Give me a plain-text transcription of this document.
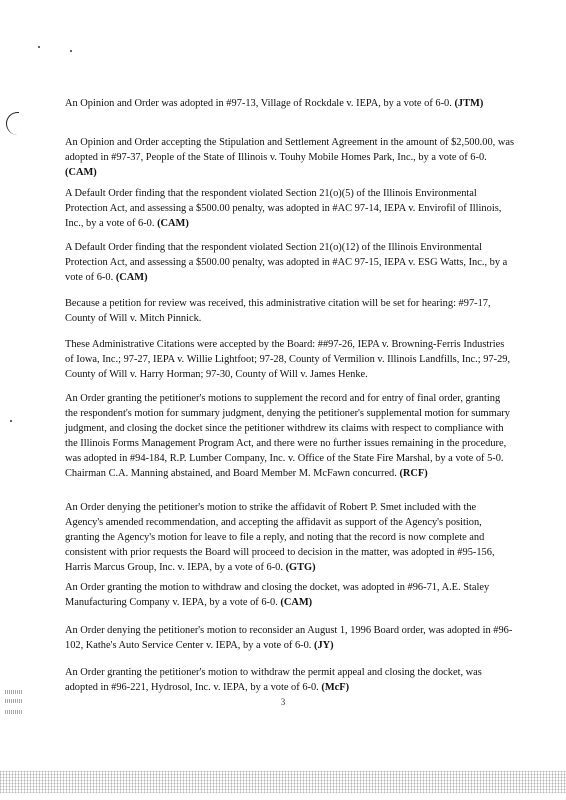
An Opinion and Order was adopted in #97-13, Village of Rockdale v. IEPA, by a vote of 6-0. (JTM)

An Opinion and Order accepting the Stipulation and Settlement Agreement in the amount of $2,500.00, was adopted in #97-37, People of the State of Illinois v. Touhy Mobile Homes Park, Inc., by a vote of 6-0. (CAM)

A Default Order finding that the respondent violated Section 21(o)(5) of the Illinois Environmental Protection Act, and assessing a $500.00 penalty, was adopted in #AC 97-14, IEPA v. Envirofil of Illinois, Inc., by a vote of 6-0. (CAM)

A Default Order finding that the respondent violated Section 21(o)(12) of the Illinois Environmental Protection Act, and assessing a $500.00 penalty, was adopted in #AC 97-15, IEPA v. ESG Watts, Inc., by a vote of 6-0. (CAM)

Because a petition for review was received, this administrative citation will be set for hearing: #97-17, County of Will v. Mitch Pinnick.

These Administrative Citations were accepted by the Board: ##97-26, IEPA v. Browning-Ferris Industries of Iowa, Inc.; 97-27, IEPA v. Willie Lightfoot; 97-28, County of Vermilion v. Illinois Landfills, Inc.; 97-29, County of Will v. Harry Horman; 97-30, County of Will v. James Henke.

An Order granting the petitioner's motions to supplement the record and for entry of final order, granting the respondent's motion for summary judgment, denying the petitioner's supplemental motion for summary judgment, and closing the docket since the petitioner withdrew its claims with respect to compliance with the Illinois Forms Management Program Act, and there were no further issues remaining in the procedure, was adopted in #94-184, R.P. Lumber Company, Inc. v. Office of the State Fire Marshal, by a vote of 5-0. Chairman C.A. Manning abstained, and Board Member M. McFawn concurred. (RCF)

An Order denying the petitioner's motion to strike the affidavit of Robert P. Smet included with the Agency's amended recommendation, and accepting the affidavit as support of the Agency's position, granting the Agency's motion for leave to file a reply, and noting that the record is now complete and consistent with prior requests the Board will proceed to decision in the matter, was adopted in #95-156, Harris Marcus Group, Inc. v. IEPA, by a vote of 6-0. (GTG)

An Order granting the motion to withdraw and closing the docket, was adopted in #96-71, A.E. Staley Manufacturing Company v. IEPA, by a vote of 6-0. (CAM)

An Order denying the petitioner's motion to reconsider an August 1, 1996 Board order, was adopted in #96-102, Kathe's Auto Service Center v. IEPA, by a vote of 6-0. (JY)

An Order granting the petitioner's motion to withdraw the permit appeal and closing the docket, was adopted in #96-221, Hydrosol, Inc. v. IEPA, by a vote of 6-0. (McF)

3
